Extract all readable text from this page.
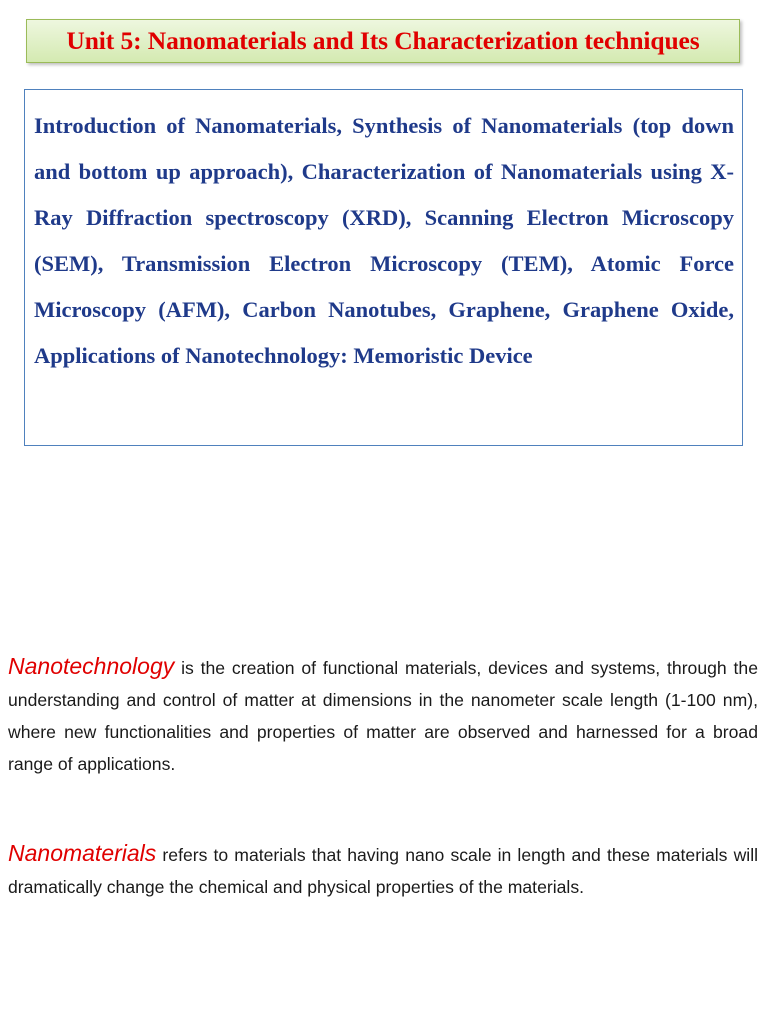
Unit 5: Nanomaterials and Its Characterization techniques

Introduction of Nanomaterials, Synthesis of Nanomaterials (top down and bottom up approach), Characterization of Nanomaterials using X-Ray Diffraction spectroscopy (XRD), Scanning Electron Microscopy (SEM), Transmission Electron Microscopy (TEM), Atomic Force Microscopy (AFM), Carbon Nanotubes, Graphene, Graphene Oxide, Applications of Nanotechnology: Memoristic Device

Nanotechnology is the creation of functional materials, devices and systems, through the understanding and control of matter at dimensions in the nanometer scale length (1-100 nm), where new functionalities and properties of matter are observed and harnessed for a broad range of applications.

Nanomaterials refers to materials that having nano scale in length and these materials will dramatically change the chemical and physical properties of the materials.
